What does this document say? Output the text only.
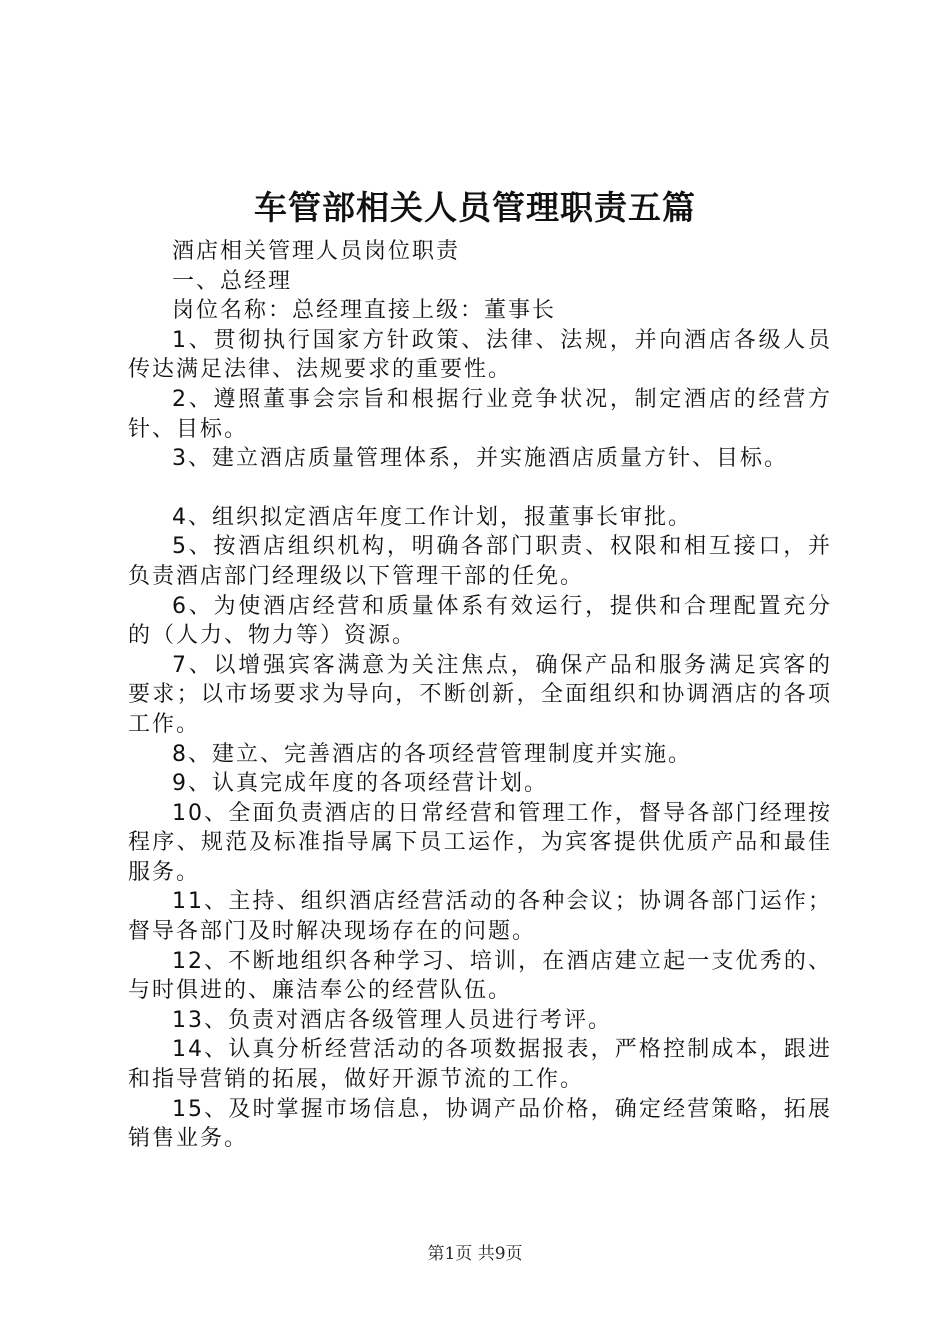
车管部相关人员管理职责五篇

酒店相关管理人员岗位职责

一、总经理

岗位名称：总经理直接上级：董事长

1、贯彻执行国家方针政策、法律、法规，并向酒店各级人员传达满足法律、法规要求的重要性。

2、遵照董事会宗旨和根据行业竞争状况，制定酒店的经营方针、目标。

3、建立酒店质量管理体系，并实施酒店质量方针、目标。

4、组织拟定酒店年度工作计划，报董事长审批。

5、按酒店组织机构，明确各部门职责、权限和相互接口，并负责酒店部门经理级以下管理干部的任免。

6、为使酒店经营和质量体系有效运行，提供和合理配置充分的（人力、物力等）资源。

7、以增强宾客满意为关注焦点，确保产品和服务满足宾客的要求；以市场要求为导向，不断创新，全面组织和协调酒店的各项工作。

8、建立、完善酒店的各项经营管理制度并实施。

9、认真完成年度的各项经营计划。

10、全面负责酒店的日常经营和管理工作，督导各部门经理按程序、规范及标准指导属下员工运作，为宾客提供优质产品和最佳服务。

11、主持、组织酒店经营活动的各种会议；协调各部门运作；督导各部门及时解决现场存在的问题。

12、不断地组织各种学习、培训，在酒店建立起一支优秀的、与时俱进的、廉洁奉公的经营队伍。

13、负责对酒店各级管理人员进行考评。

14、认真分析经营活动的各项数据报表，严格控制成本，跟进和指导营销的拓展，做好开源节流的工作。

15、及时掌握市场信息，协调产品价格，确定经营策略，拓展销售业务。

第1页 共9页
